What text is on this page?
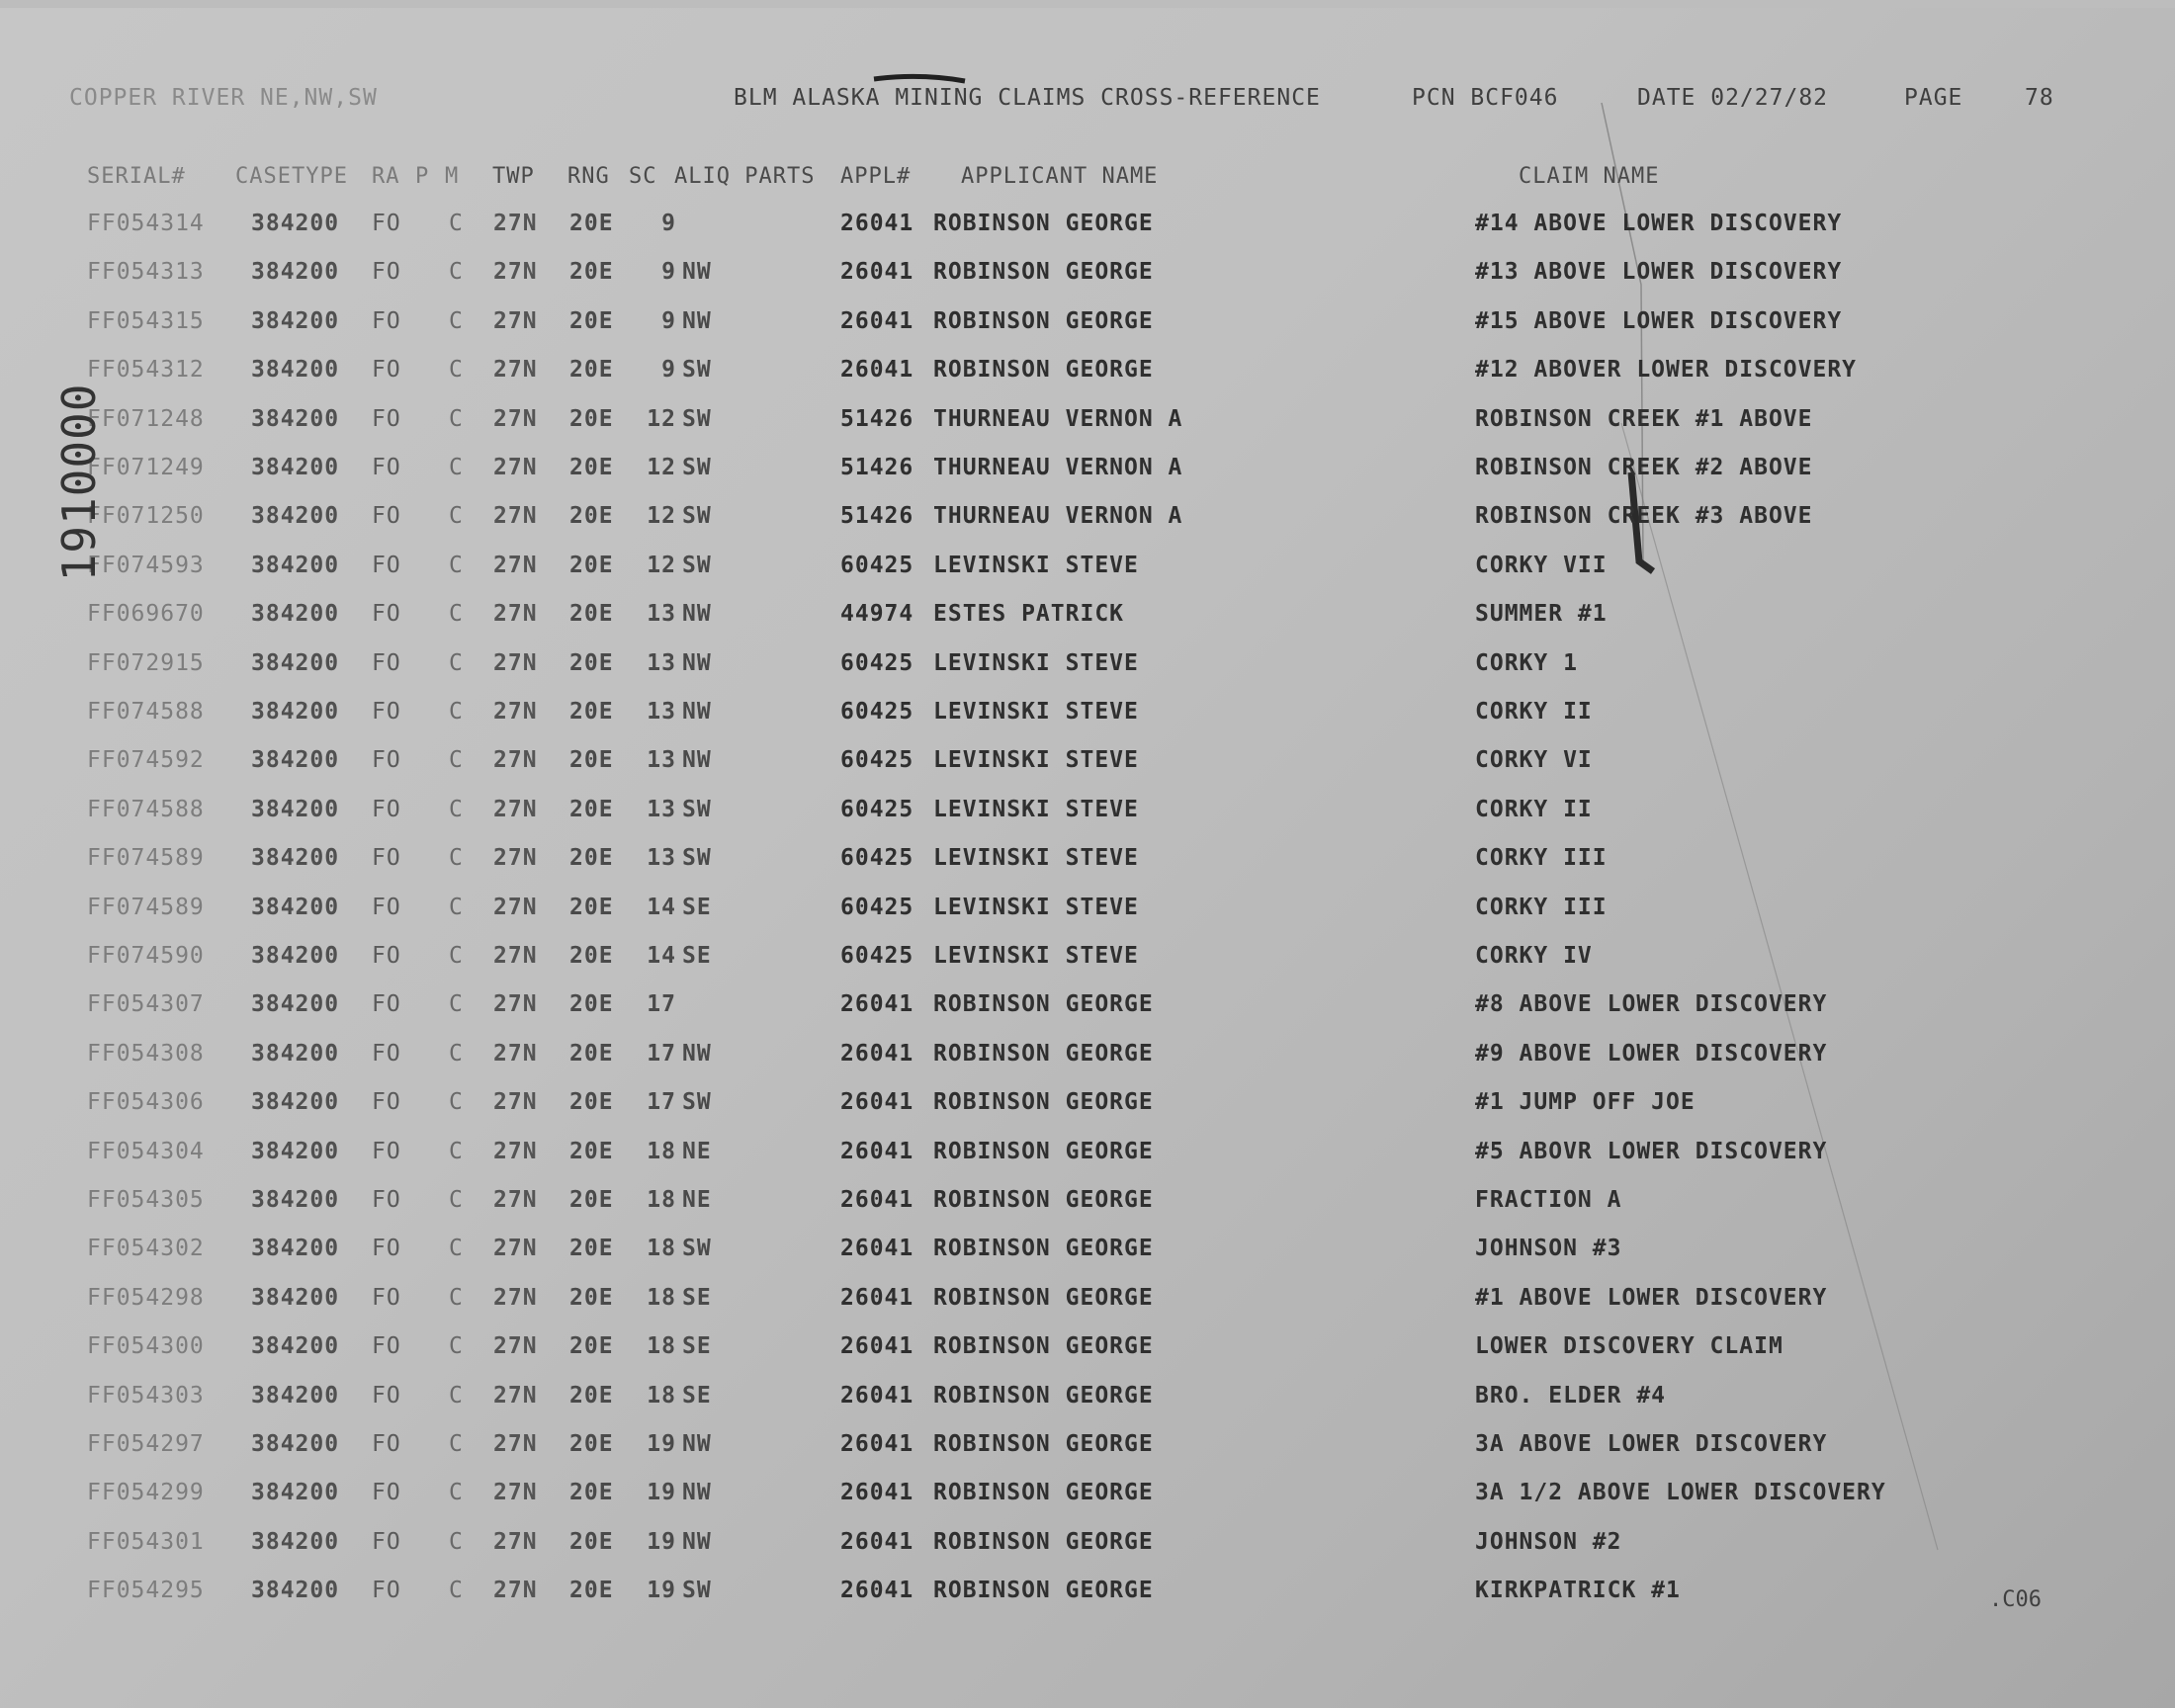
COPPER RIVER NE,NW,SW	BLM ALASKA MINING CLAIMS CROSS-REFERENCE	PCN BCF046	DATE 02/27/82	PAGE	78
SERIAL# CASETYPE RA P M TWP RNG SC ALIQ PARTS APPL# APPLICANT NAME	CLAIM NAME
FF054314 384200 FO C 27N 20E	9	26041 ROBINSON GEORGE	#14 ABOVE LOWER DISCOVERY
FF054313 384200 FO C 27N 20E	9 NW	26041 ROBINSON GEORGE	#13 ABOVE LOWER DISCOVERY
FF054315 384200 FO C 27N 20E	9 NW	26041 ROBINSON GEORGE	#15 ABOVE LOWER DISCOVERY
FF054312 384200 FO C 27N 20E	9 SW	26041 ROBINSON GEORGE	#12 ABOVER LOWER DISCOVERY
FF071248 384200 FO C 27N 20E	12 SW	51426 THURNEAU VERNON A	ROBINSON CREEK #1 ABOVE
FF071249 384200 FO C 27N 20E	12 SW	51426 THURNEAU VERNON A	ROBINSON CREEK #2 ABOVE
FF071250 384200 FO C 27N 20E	12 SW	51426 THURNEAU VERNON A	ROBINSON CREEK #3 ABOVE
FF074593 384200 FO C 27N 20E	12 SW	60425 LEVINSKI STEVE	CORKY VII
FF069670 384200 FO C 27N 20E	13 NW	44974 ESTES PATRICK	SUMMER #1
FF072915 384200 FO C 27N 20E	13 NW	60425 LEVINSKI STEVE	CORKY 1
FF074588 384200 FO C 27N 20E	13 NW	60425 LEVINSKI STEVE	CORKY II
FF074592 384200 FO C 27N 20E	13 NW	60425 LEVINSKI STEVE	CORKY VI
FF074588 384200 FO C 27N 20E	13 SW	60425 LEVINSKI STEVE	CORKY II
FF074589 384200 FO C 27N 20E	13 SW	60425 LEVINSKI STEVE	CORKY III
FF074589 384200 FO C 27N 20E	14 SE	60425 LEVINSKI STEVE	CORKY III
FF074590 384200 FO C 27N 20E	14 SE	60425 LEVINSKI STEVE	CORKY IV
FF054307 384200 FO C 27N 20E	17	26041 ROBINSON GEORGE	#8 ABOVE LOWER DISCOVERY
FF054308 384200 FO C 27N 20E	17 NW	26041 ROBINSON GEORGE	#9 ABOVE LOWER DISCOVERY
FF054306 384200 FO C 27N 20E	17 SW	26041 ROBINSON GEORGE	#1 JUMP OFF JOE
FF054304 384200 FO C 27N 20E	18 NE	26041 ROBINSON GEORGE	#5 ABOVR LOWER DISCOVERY
FF054305 384200 FO C 27N 20E	18 NE	26041 ROBINSON GEORGE	FRACTION A
FF054302 384200 FO C 27N 20E	18 SW	26041 ROBINSON GEORGE	JOHNSON #3
FF054298 384200 FO C 27N 20E	18 SE	26041 ROBINSON GEORGE	#1 ABOVE LOWER DISCOVERY
FF054300 384200 FO C 27N 20E	18 SE	26041 ROBINSON GEORGE	LOWER DISCOVERY CLAIM
FF054303 384200 FO C 27N 20E	18 SE	26041 ROBINSON GEORGE	BRO. ELDER #4
FF054297 384200 FO C 27N 20E	19 NW	26041 ROBINSON GEORGE	3A ABOVE LOWER DISCOVERY
FF054299 384200 FO C 27N 20E	19 NW	26041 ROBINSON GEORGE	3A 1/2 ABOVE LOWER DISCOVERY
FF054301 384200 FO C 27N 20E	19 NW	26041 ROBINSON GEORGE	JOHNSON #2
FF054295 384200 FO C 27N 20E	19 SW	26041 ROBINSON GEORGE	KIRKPATRICK #1
1910000
.C06
